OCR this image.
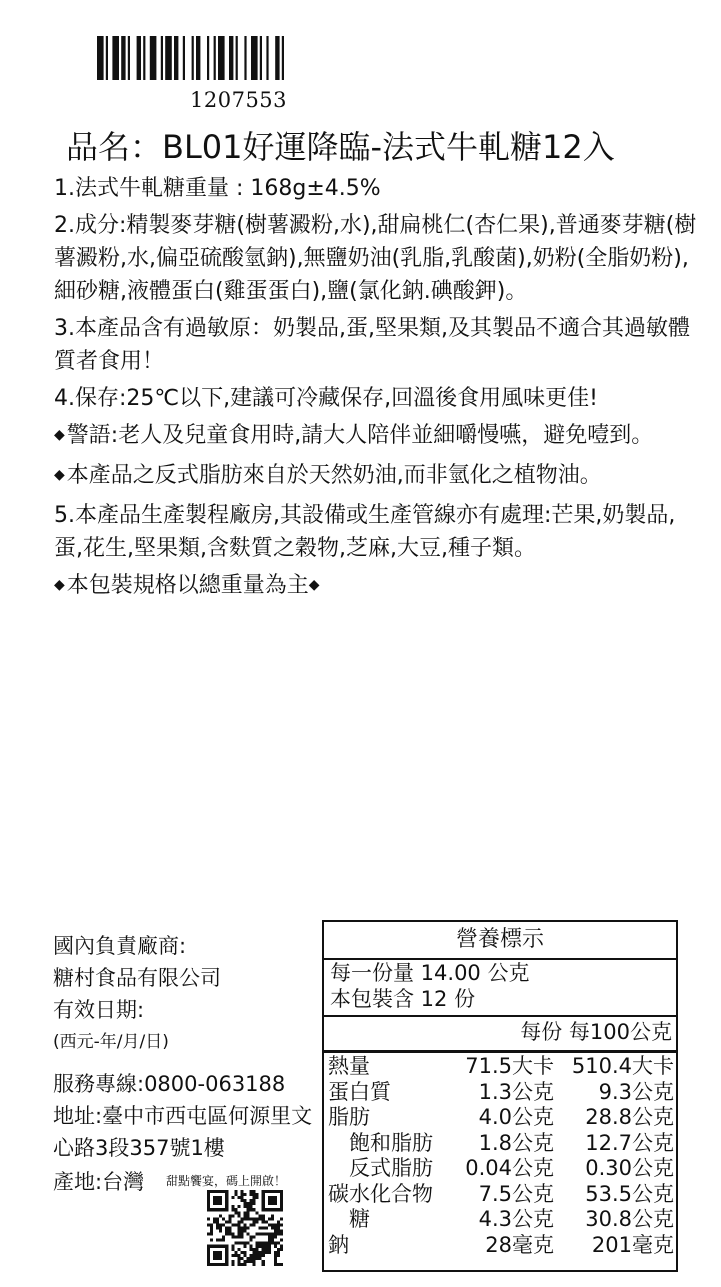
1207553
品名：BL01好運降臨-法式牛軋糖12入

1.法式牛軋糖重量 : 168g±4.5%

2.成分:精製麥芽糖(樹薯澱粉,水),甜扁桃仁(杏仁果),普通麥芽糖(樹薯澱粉,水,偏亞硫酸氫鈉),無鹽奶油(乳脂,乳酸菌),奶粉(全脂奶粉),細砂糖,液體蛋白(雞蛋蛋白),鹽(氯化鈉.碘酸鉀)。

3.本產品含有過敏原：奶製品,蛋,堅果類,及其製品不適合其過敏體質者食用！

4.保存:25℃以下,建議可冷藏保存,回溫後食用風味更佳!

◆警語:老人及兒童食用時,請大人陪伴並細嚼慢嚥，避免噎到。

◆本產品之反式脂肪來自於天然奶油,而非氫化之植物油。

5.本產品生產製程廠房,其設備或生產管線亦有處理:芒果,奶製品,蛋,花生,堅果類,含麩質之穀物,芝麻,大豆,種子類。

◆本包裝規格以總重量為主◆

國內負責廠商:
糖村食品有限公司
有效日期:
(西元-年/月/日)
服務專線:0800-063188
地址:臺中市西屯區何源里文心路3段357號1樓
產地:台灣 甜點饗宴，碼上開啟！
營養標示
每一份量 14.00 公克
本包裝含 12 份
每份 每100公克
熱量	71.5大卡 510.4大卡
蛋白質	1.3公克 9.3公克
脂肪	4.0公克 28.8公克
　飽和脂肪 1.8公克 12.7公克
　反式脂肪 0.04公克 0.30公克
碳水化合物 7.5公克 53.5公克
　糖	4.3公克 30.8公克
鈉	28毫克 201毫克
